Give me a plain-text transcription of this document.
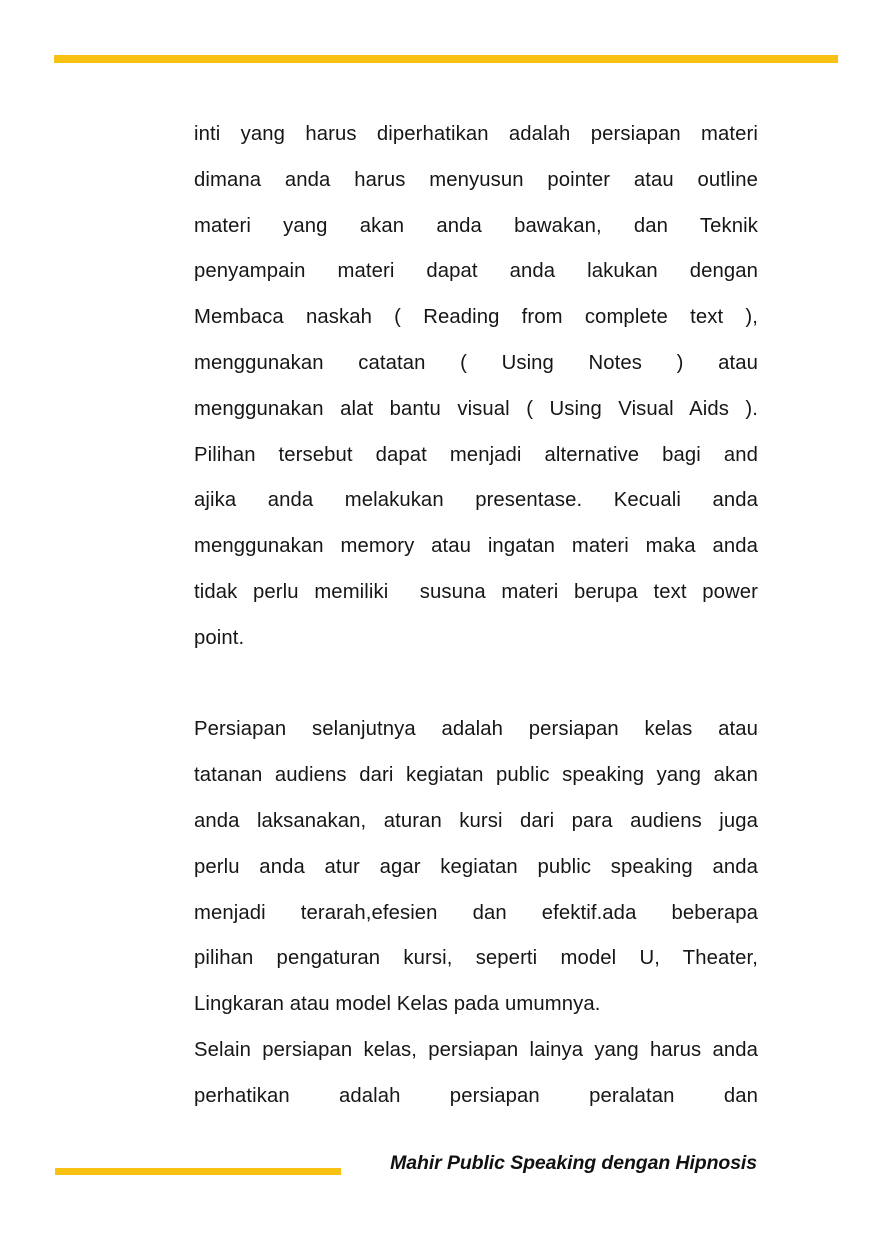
inti yang harus diperhatikan adalah persiapan materi
dimana anda harus menyusun pointer atau outline
materi yang akan anda bawakan, dan Teknik
penyampain materi dapat anda lakukan dengan
Membaca naskah ( Reading from complete text ),
menggunakan catatan ( Using Notes ) atau
menggunakan alat bantu visual ( Using Visual Aids ).
Pilihan tersebut dapat menjadi alternative bagi and
ajika anda melakukan presentase. Kecuali anda
menggunakan memory atau ingatan materi maka anda
tidak perlu memiliki  susuna materi berupa text power
point.

Persiapan selanjutnya adalah persiapan kelas atau
tatanan audiens dari kegiatan public speaking yang akan
anda laksanakan, aturan kursi dari para audiens juga
perlu anda atur agar kegiatan public speaking anda
menjadi terarah,efesien dan efektif.ada beberapa
pilihan pengaturan kursi, seperti model U, Theater,
Lingkaran atau model Kelas pada umumnya.
Selain persiapan kelas, persiapan lainya yang harus anda
perhatikan adalah persiapan peralatan dan

Mahir Public Speaking dengan Hipnosis
